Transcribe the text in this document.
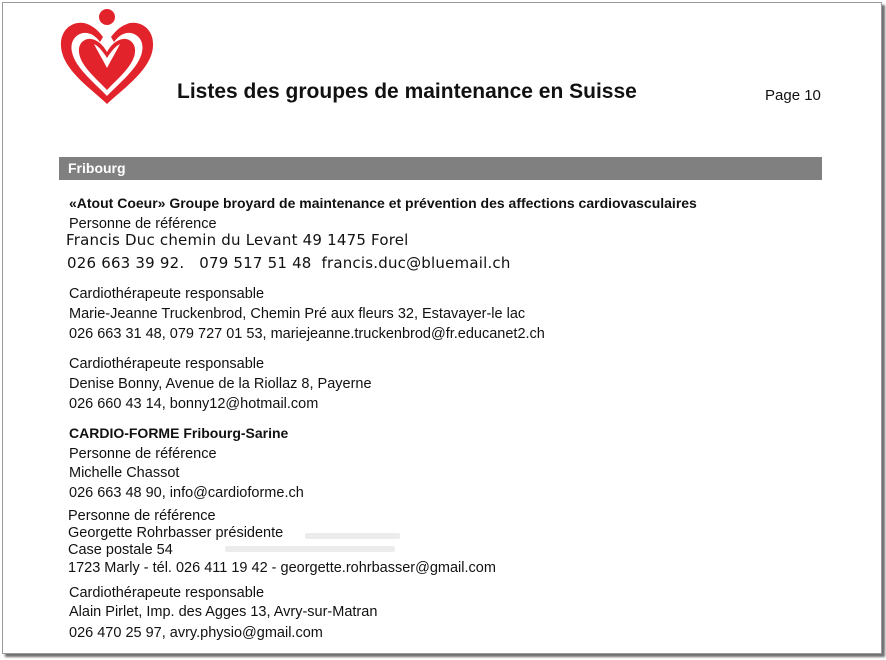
Listes des groupes de maintenance en Suisse	Page 10
Fribourg
«Atout Coeur» Groupe broyard de maintenance et prévention des affections cardiovasculaires
Personne de référence
Francis Duc chemin du Levant 49 1475 Forel
026 663 39 92.   079 517 51 48  francis.duc@bluemail.ch
Cardiothérapeute responsable
Marie-Jeanne Truckenbrod, Chemin Pré aux fleurs 32, Estavayer-le lac
026 663 31 48, 079 727 01 53, mariejeanne.truckenbrod@fr.educanet2.ch
Cardiothérapeute responsable
Denise Bonny, Avenue de la Riollaz 8, Payerne
026 660 43 14, bonny12@hotmail.com
CARDIO-FORME Fribourg-Sarine
Personne de référence
Michelle Chassot
026 663 48 90, info@cardioforme.ch
Personne de référence
Georgette Rohrbasser présidente
Case postale 54
1723 Marly - tél. 026 411 19 42 - georgette.rohrbasser@gmail.com
Cardiothérapeute responsable
Alain Pirlet, Imp. des Agges 13, Avry-sur-Matran
026 470 25 97, avry.physio@gmail.com
